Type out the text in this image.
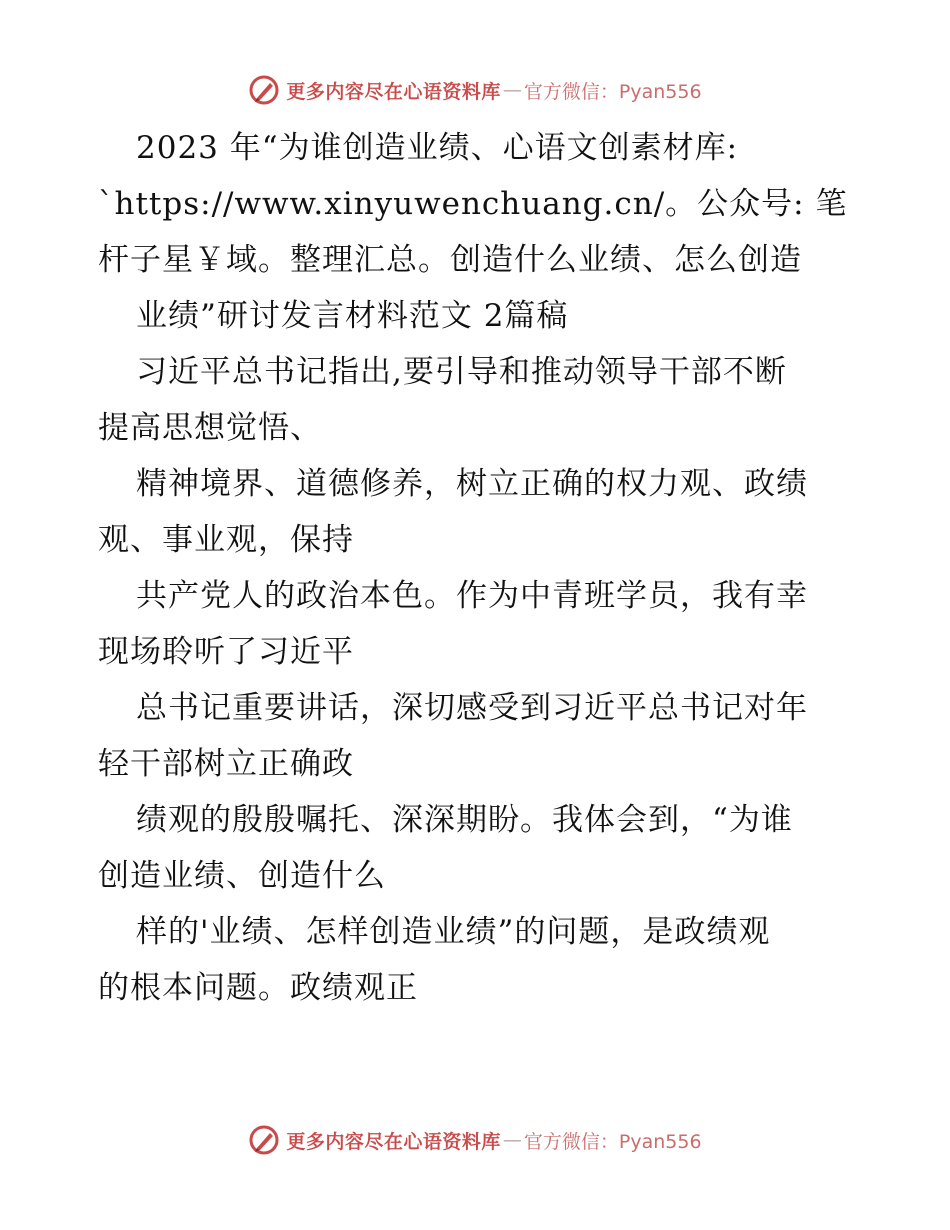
更多内容尽在心语资料库 — 官方微信：Pyan556
2023 年“为谁创造业绩、心语文创素材库:
`https://www.xinyuwenchuang.cn/。公众号: 笔
杆子星￥域。整理汇总。创造什么业绩、怎么创造
业绩”研讨发言材料范文 2篇稿
习近平总书记指出,要引导和推动领导干部不断
提高思想觉悟、
精神境界、道德修养，树立正确的权力观、政绩
观、事业观，保持
共产党人的政治本色。作为中青班学员，我有幸
现场聆听了习近平
总书记重要讲话，深切感受到习近平总书记对年
轻干部树立正确政
绩观的殷殷嘱托、深深期盼。我体会到，“为谁
创造业绩、创造什么
样的'业绩、怎样创造业绩”的问题，是政绩观
的根本问题。政绩观正
更多内容尽在心语资料库 — 官方微信：Pyan556
